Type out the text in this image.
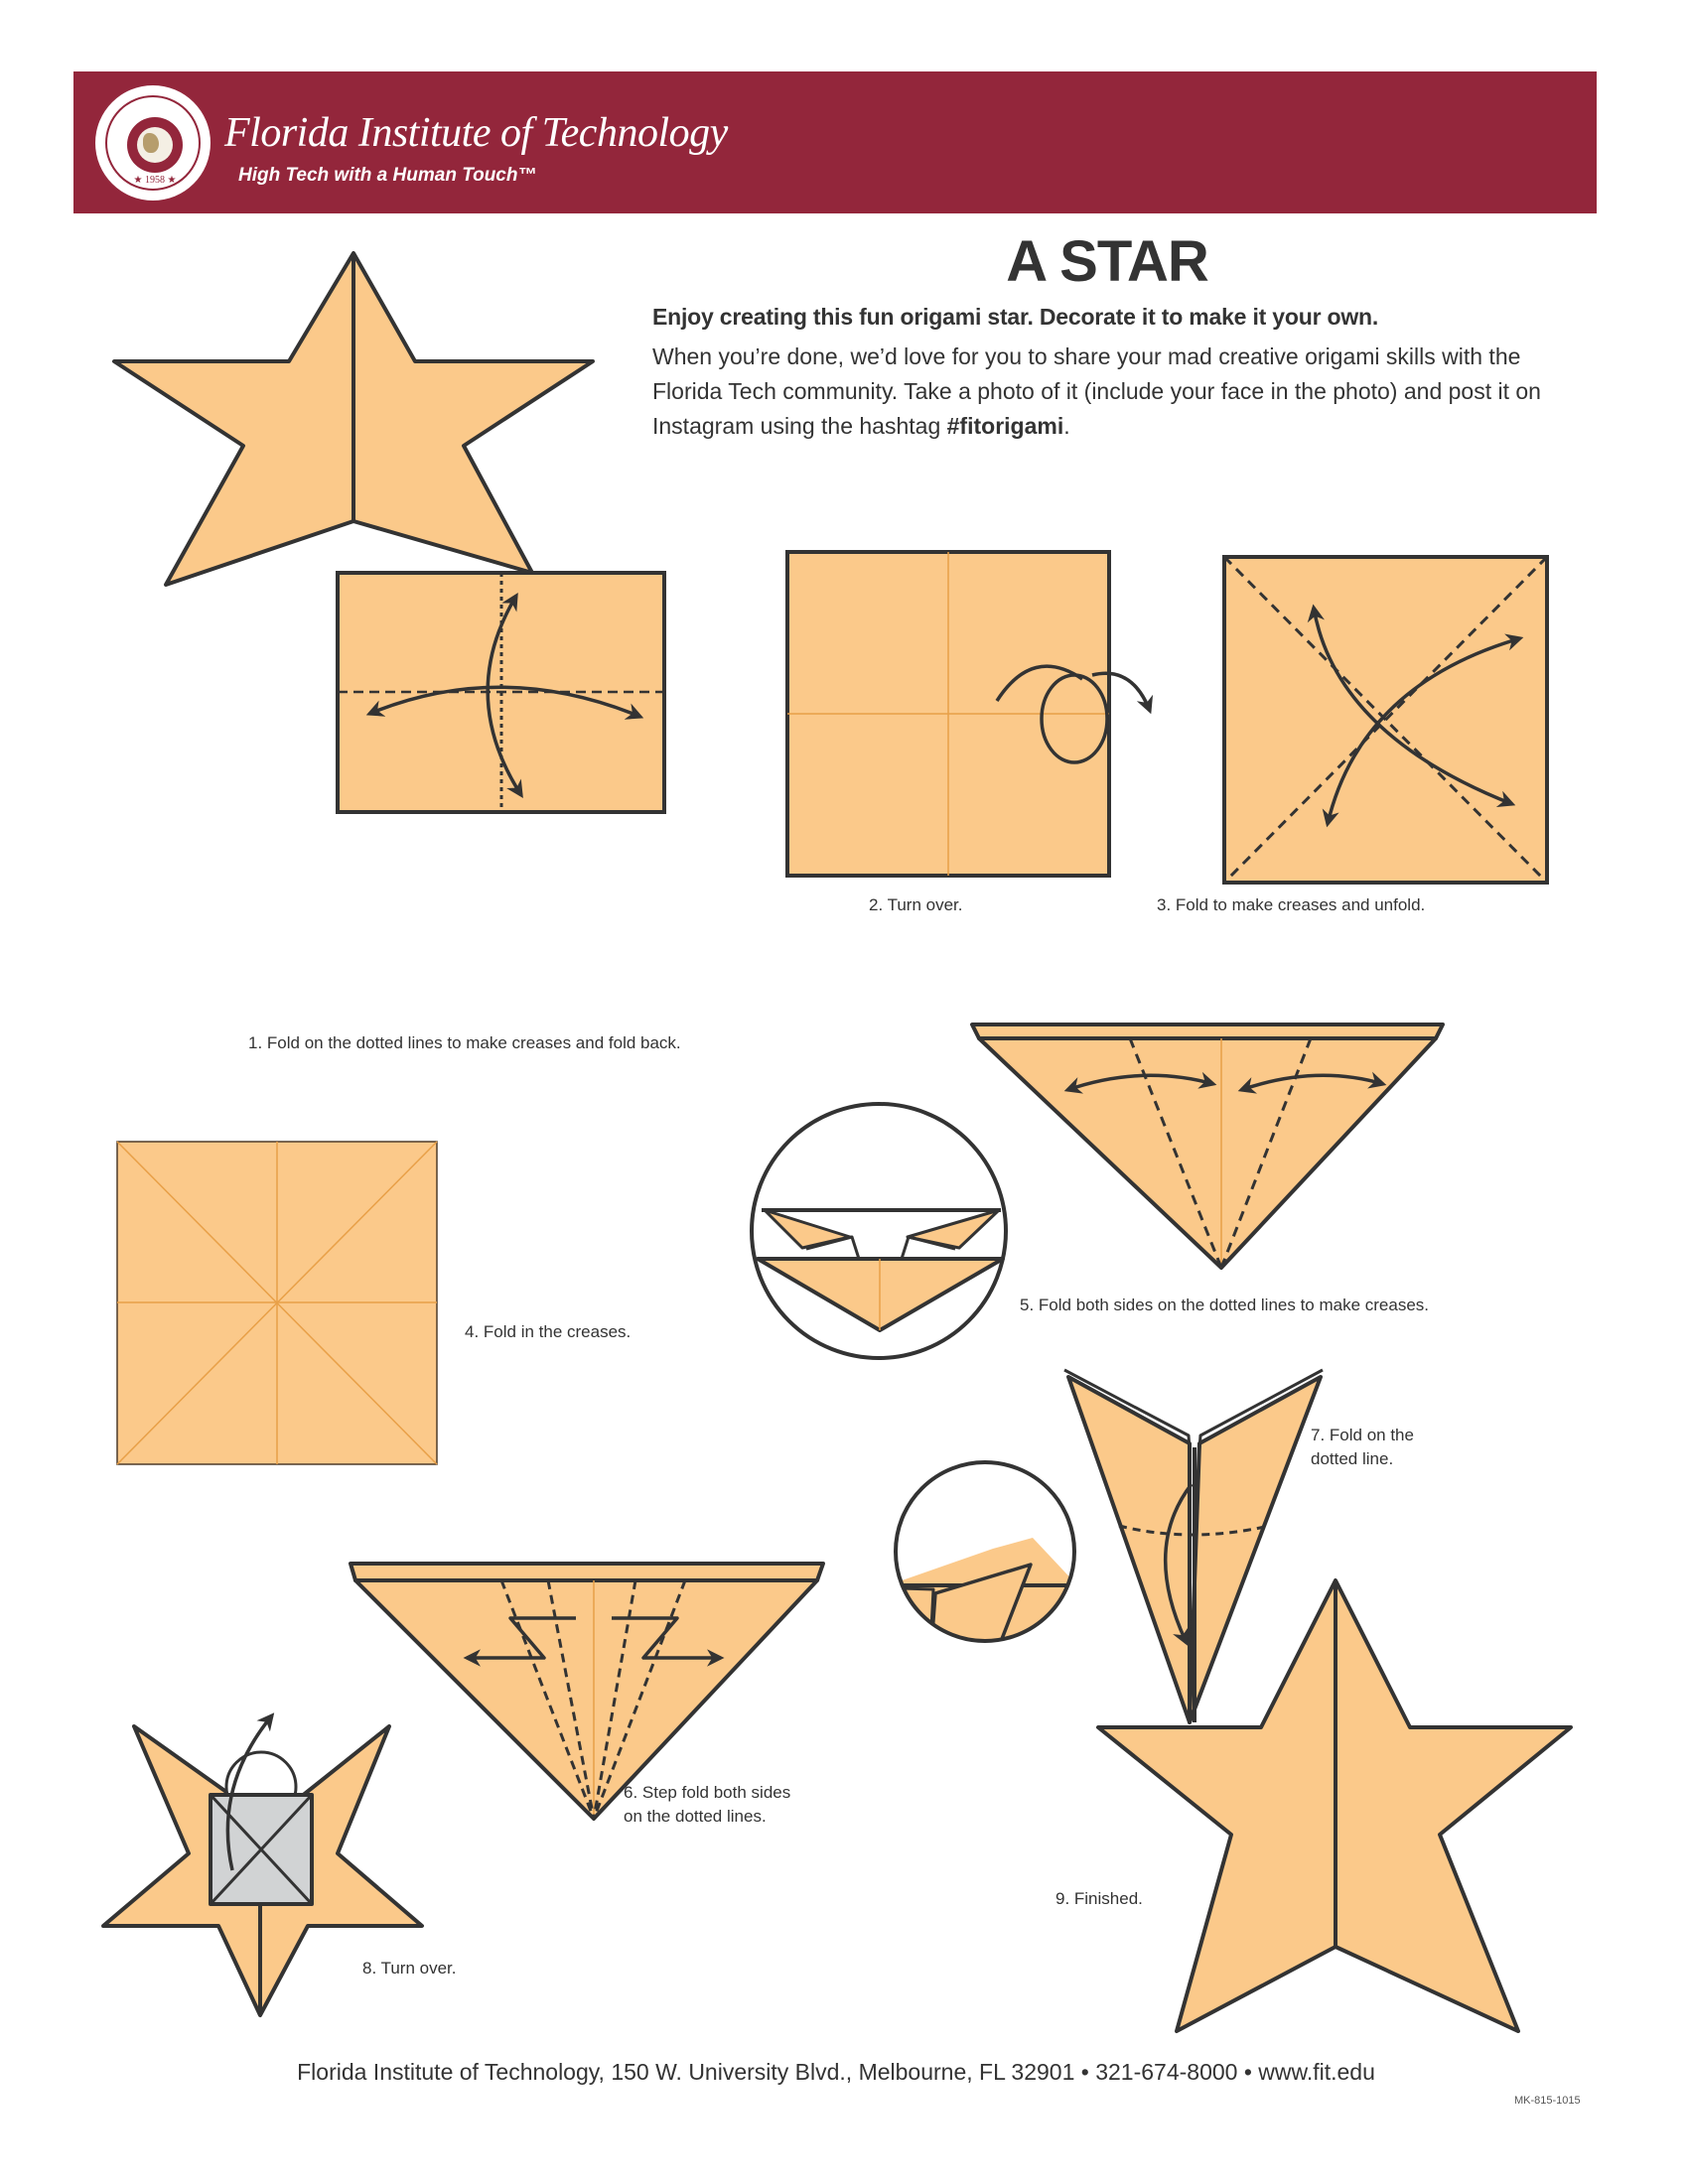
★ 1958 ★
Florida Institute of Technology
High Tech with a Human Touch™
A STAR
Enjoy creating this fun origami star. Decorate it to make it your own.
When you’re done, we’d love for you to share your mad creative origami skills with the Florida Tech community. Take a photo of it (include your face in the photo) and post it on Instagram using the hashtag #fitorigami.
1. Fold on the dotted lines to make creases and fold back.
2. Turn over.	3. Fold to make creases and unfold.
4. Fold in the creases.
5. Fold both sides on the dotted lines to make creases.
6. Step fold both sides
on the dotted lines.
7. Fold on the
dotted line.
8. Turn over.
9. Finished.
Florida Institute of Technology, 150 W. University Blvd., Melbourne, FL 32901 • 321-674-8000 • www.fit.edu
MK-815-1015
